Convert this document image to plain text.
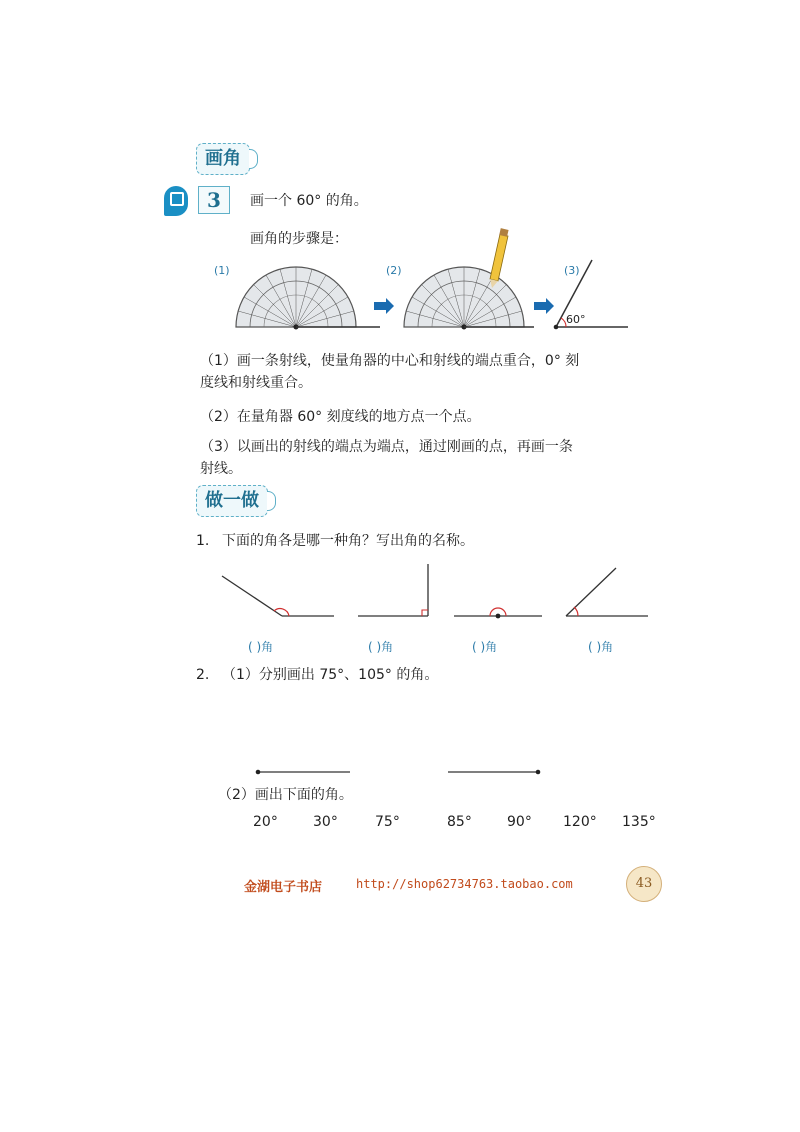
画角
3	画一个 60° 的角。
画角的步骤是：
(1)	(2)	(3)
60°
（1）画一条射线，使量角器的中心和射线的端点重合，0° 刻
度线和射线重合。
（2）在量角器 60° 刻度线的地方点一个点。
（3）以画出的射线的端点为端点，通过刚画的点，再画一条
射线。
做一做
1. 下面的角各是哪一种角？写出角的名称。
( )角	( )角	( )角	( )角
2. （1）分别画出 75°、105° 的角。
（2）画出下面的角。
20°	30°	75°	85°	90° 120° 135°
金湖电子书店	http://shop62734763.taobao.com	43
